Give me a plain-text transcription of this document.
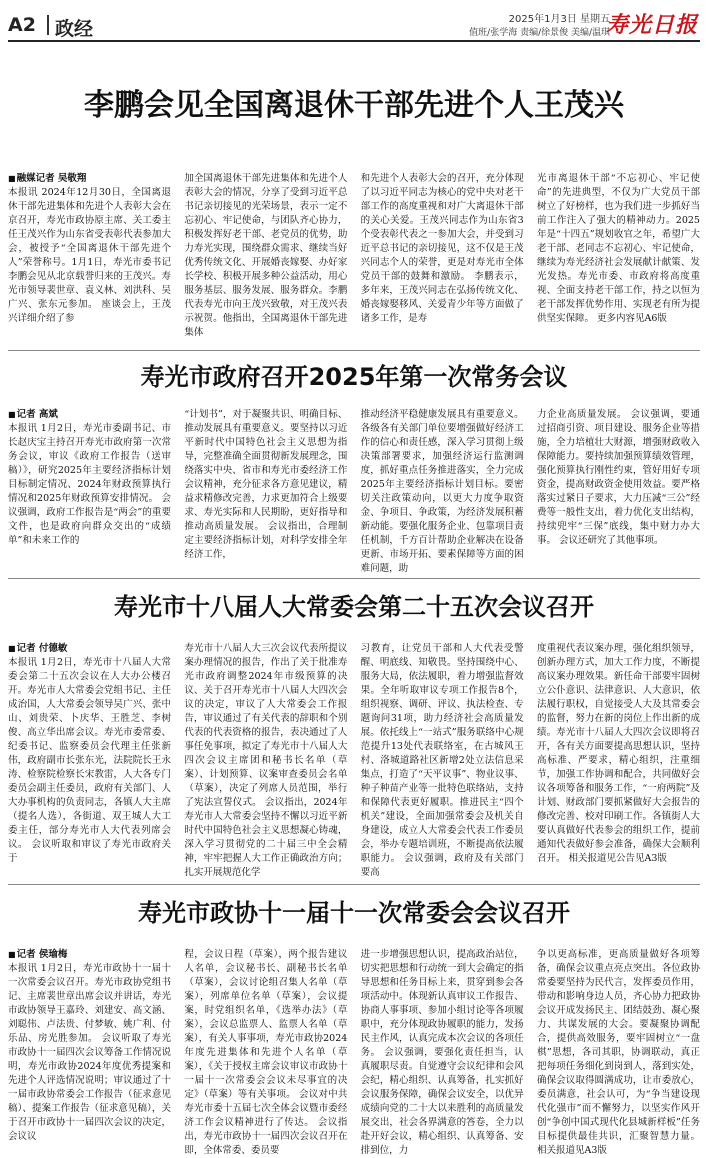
A2 政经	2025年1月3日 星期五
值班/张学海 责编/徐景俊 美编/温琪
寿光日报
李鹏会见全国离退休干部先进个人王茂兴
■ 融媒记者 吴敬翔

本报讯 2024年12月30日，全国离退休干部先进集体和先进个人表彰大会在京召开，寿光市政协原主席、关工委主任王茂兴作为山东省受表彰代表参加大会，被授予“全国离退休干部先进个人”荣誉称号。1月1日，寿光市委书记李鹏会见从北京载誉归来的王茂兴。寿光市领导裴世章、袁义林、刘洪科、吴广兴、张东元参加。 座谈会上，王茂兴详细介绍了参

加全国离退休干部先进集体和先进个人表彰大会的情况，分享了受到习近平总书记亲切接见的光荣场景，表示一定不忘初心、牢记使命，与团队齐心协力，积极发挥好老干部、老党员的优势，助力寿光实现，围绕群众需求、继续当好优秀传统文化、开展婚丧嫁娶、办好家长学校、积极开展多种公益活动，用心服务基层、服务发展、服务群众。李鹏代表寿光市向王茂兴致敬，对王茂兴表示祝贺。他指出，全国离退休干部先进集体

和先进个人表彰大会的召开，充分体现了以习近平同志为核心的党中央对老干部工作的高度重视和对广大离退休干部的关心关爱。王茂兴同志作为山东省3个受表彰代表之一参加大会，并受到习近平总书记的亲切接见，这不仅是王茂兴同志个人的荣誉，更是对寿光市全体党员干部的鼓舞和激励。 李鹏表示，多年来，王茂兴同志在弘扬传统文化、婚丧嫁娶移风、关爱青少年等方面做了诸多工作，是寿

光市离退休干部“不忘初心、牢记使命”的先进典型，不仅为广大党员干部树立了好榜样，也为我们进一步抓好当前工作注入了强大的精神动力。2025年是“十四五”规划收官之年，希望广大老干部、老同志不忘初心、牢记使命，继续为寿光经济社会发展献计献策、发光发热。寿光市委、市政府将高度重视、全面支持老干部工作，持之以恒为老干部发挥优势作用、实现老有所为提供坚实保障。 更多内容见A6版

寿光市政府召开2025年第一次常务会议
■ 记者 高斌

本报讯 1月2日，寿光市委副书记、市长赵庆宝主持召开寿光市政府第一次常务会议，审议《政府工作报告（送审稿）》，研究2025年主要经济指标计划目标制定情况、2024年财政预算执行情况和2025年财政预算安排情况。 会议强调，政府工作报告是“两会”的重要文件，也是政府向群众交出的“成绩单”和未来工作的

“计划书”，对于凝聚共识、明确目标、推动发展具有重要意义。要坚持以习近平新时代中国特色社会主义思想为指导，完整准确全面贯彻新发展理念，围绕落实中央、省市和寿光市委经济工作会议精神，充分征求各方意见建议，精益求精修改完善，力求更加符合上级要求、寿光实际和人民期盼，更好指导和推动高质量发展。 会议指出，合理制定主要经济指标计划，对科学安排全年经济工作，

推动经济平稳健康发展具有重要意义。各级各有关部门单位要增强做好经济工作的信心和责任感，深入学习贯彻上级决策部署要求，加强经济运行监测调度，抓好重点任务推进落实，全力完成2025年主要经济指标计划目标。要密切关注政策动向，以更大力度争取资金、争项目、争政策，为经济发展积蓄新动能。要强化服务企业、包靠项目责任机制，千方百计帮助企业解决在设备更新、市场开拓、要素保障等方面的困难问题，助

力企业高质量发展。 会议强调，要通过招商引资、项目建设、服务企业等措施，全力培植壮大财源，增强财政收入保障能力。要持续加强预算绩效管理，强化预算执行刚性约束，管好用好专项资金，提高财政资金使用效益。要严格落实过紧日子要求，大力压减“三公”经费等一般性支出，着力优化支出结构，持续兜牢“三保”底线，集中财力办大事。 会议还研究了其他事项。

寿光市十八届人大常委会第二十五次会议召开
■ 记者 付德敏

本报讯 1月2日，寿光市十八届人大常委会第二十五次会议在人大办公楼召开。寿光市人大常委会党组书记、主任成治国，人大常委会领导吴广兴、张中山、刘贵荣、卜庆华、王胜芝、李树俊、高立华出席会议。寿光市委常委、纪委书记、监察委员会代理主任张新伟，政府副市长张东光，法院院长王永涛、检察院检察长宋教雷，人大各专门委员会副主任委员，政府有关部门、人大办事机构的负责同志，各镇人大主席（提名人选），各街道、双王城人大工委主任，部分寿光市人大代表列席会议。 会议听取和审议了寿光市政府关于

寿光市十八届人大三次会议代表所提议案办理情况的报告，作出了关于批准寿光市政府调整2024年市级预算的决议、关于召开寿光市十八届人大四次会议的决定，审议了人大常委会工作报告，审议通过了有关代表的辞职和个别代表的代表资格的报告，表决通过了人事任免事项，拟定了寿光市十八届人大四次会议主席团和秘书长名单（草案）、计划预算、议案审查委员会名单（草案），决定了列席人员范围，举行了宪法宣誓仪式。 会议指出，2024年寿光市人大常委会坚持不懈以习近平新时代中国特色社会主义思想凝心铸魂，深入学习贯彻党的二十届三中全会精神，牢牢把握人大工作正确政治方向；扎实开展规范化学

习教育，让党员干部和人大代表受警醒、明底线、知敬畏。坚持围绕中心、服务大局，依法履职，着力增强监督效果。全年听取审议专项工作报告8个，组织视察、调研、评议、执法检查、专题询问31项，助力经济社会高质量发展。依托线上“一站式”服务联络中心规范提升13处代表联络室，在古城风王村、洛城道路社区新增2处立法信息采集点，打造了“天平议事”、物业议事、种子种苗产业等一批特色联络站，支持和保障代表更好履职。推进民主“四个机关”建设，全面加强常委会及机关自身建设，成立人大常委会代表工作委员会，举办专题培训班，不断提高依法履职能力。 会议强调，政府及有关部门要高

度重视代表议案办理，强化组织领导，创新办理方式，加大工作力度，不断提高议案办理效果。新任命干部要牢固树立公仆意识、法律意识、人大意识，依法履行职权，自觉接受人大及其常委会的监督，努力在新的岗位上作出新的成绩。寿光市十八届人大四次会议即将召开，各有关方面要提高思想认识，坚持高标准、严要求，精心组织，注重细节，加强工作协调和配合，共同做好会议各项筹备和服务工作，“一府两院”及计划、财政部门要抓紧做好大会报告的修改完善、校对印刷工作。各镇街人大要认真做好代表参会的组织工作，提前通知代表做好参会准备，确保大会顺利召开。 相关报道见公告见A3版

寿光市政协十一届十一次常委会会议召开
■ 记者 侯瑜梅

本报讯 1月2日，寿光市政协十一届十一次常委会议召开。寿光市政协党组书记、主席裴世章出席会议并讲话，寿光市政协领导王嘉玲、刘建安、高文涵、刘聪伟、卢法贵、付梦敏、姚广利、付乐品、房光胜参加。 会议听取了寿光市政协十一届四次会议筹备工作情况说明，寿光市政协2024年度优秀提案和先进个人评选情况说明；审议通过了十一届市政协常委会工作报告（征求意见稿）、提案工作报告（征求意见稿），关于召开市政协十一届四次会议的决定，会议议

程，会议日程（草案），两个报告建议人名单，会议秘书长、副秘书长名单（草案），会议讨论组召集人名单（草案），列席单位名单（草案），会议提案，时党组织名单，《选举办法》（草案），会议总监票人、监票人名单（草案），有关人事事项，寿光市政协2024年度先进集体和先进个人名单（草案），《关于授权主席会议审议市政协十一届十一次常委会会议未尽事宜的决定》（草案）等有关事项。 会议对中共寿光市委十五届七次全体会议暨市委经济工作会议精神进行了传达。 会议指出，寿光市政协十一届四次会议召开在即，全体常委、委员要

进一步增强思想认识，提高政治站位，切实把思想和行动统一到大会确定的指导思想和任务目标上来，贯穿到参会各项活动中。体现新认真审议工作报告、协商人事事项、参加小组讨论等各项履职中，充分体现政协履职的能力，发扬民主作风，认真完成本次会议的各项任务。 会议强调，要强化责任担当，认真履职尽责。自觉遵守会议纪律和会风会纪，精心组织、认真筹备，扎实抓好会议服务保障，确保会议安全，以优异成绩向党的二十大以来胜利的高质量发展交出，社会各界满意的答卷，全力以赴开好会议，精心组织、认真筹备、安排到位，力

争以更高标准，更高质量做好各项筹备，确保会议重点亮点突出。各位政协常委要坚持为民代言，发挥委员作用，带动和影响身边人员，齐心协力把政协会议开成发扬民主、团结鼓劲、凝心聚力、共谋发展的大会。要凝聚协调配合，提供高效服务，要牢固树立“一盘棋”思想，各司其职，协调联动，真正把每项任务细化到岗到人，落到实处，确保会议取得圆满成功，让市委放心，委员满意，社会认可，为“争当建设现代化强市”而不懈努力，以坚实作风开创“争创中国式现代化县城新样板”任务目标提供最佳共识，汇聚智慧力量。 相关报道见A3版
